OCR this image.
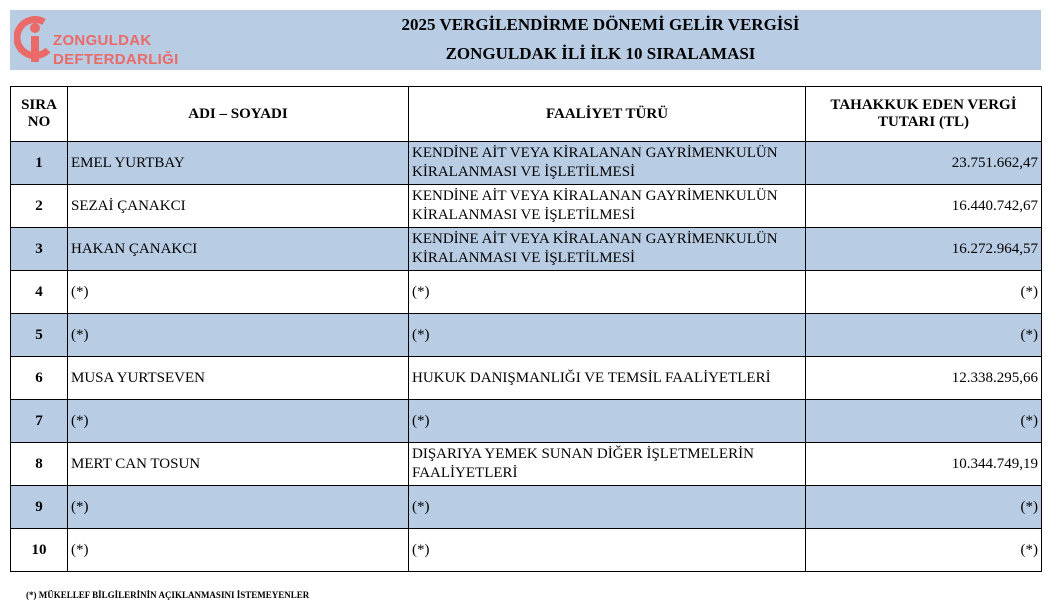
ZONGULDAK
DEFTERDARLIĞI
2025 VERGİLENDİRME DÖNEMİ GELİR VERGİSİ
ZONGULDAK İLİ İLK 10 SIRALAMASI
SIRA
NO	ADI – SOYADI	FAALİYET TÜRÜ	TAHAKKUK EDEN VERGİ
TUTARI (TL)
1	EMEL YURTBAY	KENDİNE AİT VEYA KİRALANAN GAYRİMENKULÜN
KİRALANMASI VE İŞLETİLMESİ	23.751.662,47
2	SEZAİ ÇANAKCI	KENDİNE AİT VEYA KİRALANAN GAYRİMENKULÜN
KİRALANMASI VE İŞLETİLMESİ	16.440.742,67
3	HAKAN ÇANAKCI	KENDİNE AİT VEYA KİRALANAN GAYRİMENKULÜN
KİRALANMASI VE İŞLETİLMESİ	16.272.964,57
4	(*)	(*)	(*)
5	(*)	(*)	(*)
6	MUSA YURTSEVEN	HUKUK DANIŞMANLIĞI VE TEMSİL FAALİYETLERİ	12.338.295,66
7	(*)	(*)	(*)
8	MERT CAN TOSUN	DIŞARIYA YEMEK SUNAN DİĞER İŞLETMELERİN
FAALİYETLERİ	10.344.749,19
9	(*)	(*)	(*)
10	(*)	(*)	(*)
(*) MÜKELLEF BİLGİLERİNİN AÇIKLANMASINI İSTEMEYENLER
